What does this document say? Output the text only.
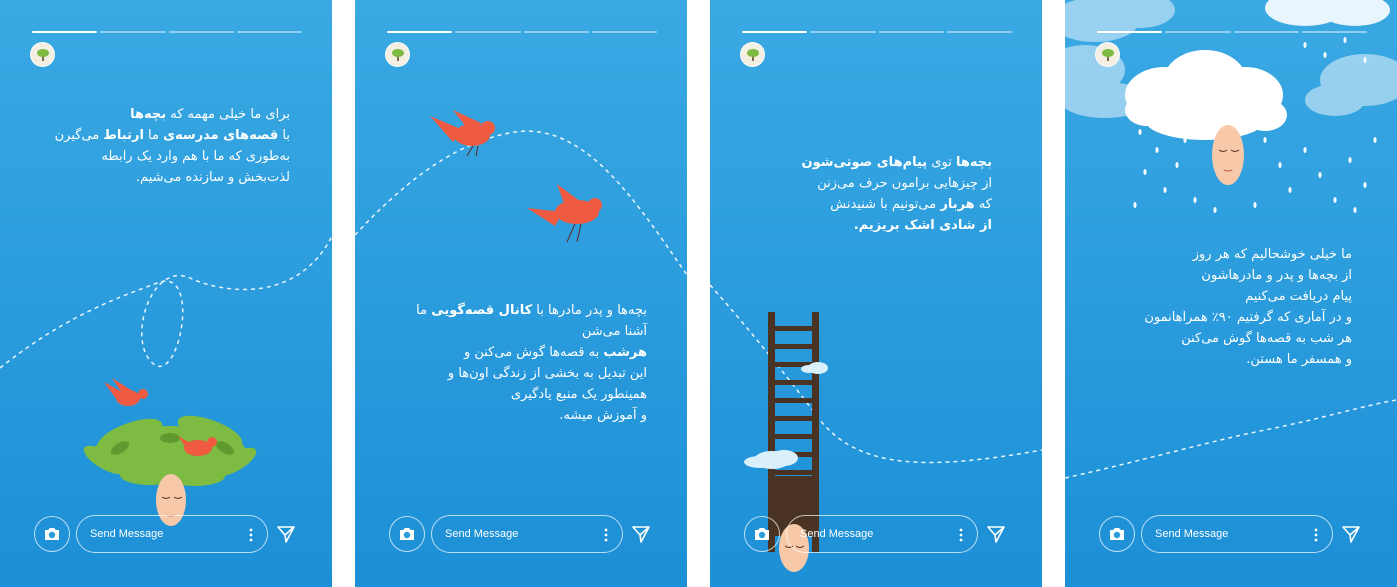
برای ما خیلی مهمه که بچه‌ها

با قصه‌های مدرسه‌ی ما ارتباط می‌گیرن

به‌طوری که ما با هم وارد یک رابطه

لذت‌بخش و سازنده می‌شیم.

Send Message

بچه‌ها و پدر مادرها با کانال قصه‌گویی ما

آشنا می‌شن

هرشب به قصه‌ها گوش می‌کنن و

این تبدیل به بخشی از زندگی اون‌ها و

همینطور یک منبع یادگیری

و آموزش میشه.

Send Message

بچه‌ها توی پیام‌های صوتی‌شون

از چیزهایی براموں حرف می‌زنن

که هربار می‌تونیم با شنیدنش

از شادی اشک بریزیم.

Send Message

ما خیلی خوشحالیم که هر روز

از بچه‌ها و پدر و مادرهاشون

پیام دریافت می‌کنیم

و در آماری که گرفتیم ۹۰٪ همراهانمون

هر شب به قصه‌ها گوش می‌کنن

و همسفر ما هستن.

Send Message
